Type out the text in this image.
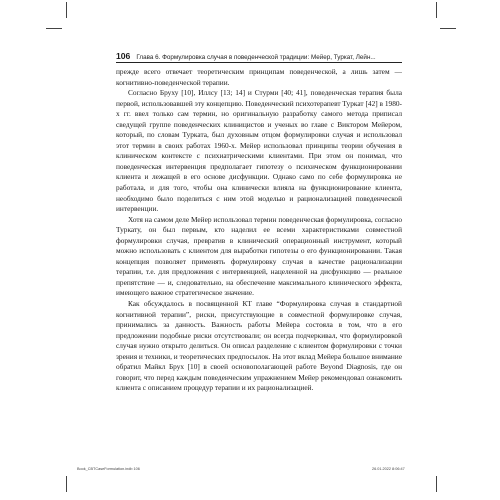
106 Глава 6. Формулировка случая в поведенческой традиции: Мейер, Туркат, Лейн...

прежде всего отвечает теоретическим принципам поведенческой, а лишь затем — когнитивно-поведенческой терапии.

Согласно Бруху [10], Иллсу [13; 14] и Стурми [40; 41], поведенческая терапия была первой, использовавшей эту концепцию. Поведенческий психотерапевт Туркат [42] в 1980-х гг. ввел только сам термин, но оригинальную разработку самого метода приписал сведущей группе поведенческих клиницистов и ученых во главе с Виктором Мейером, который, по словам Турката, был духовным отцом формулировки случая и использовал этот термин в своих работах 1960-х. Мейер использовал принципы теории обучения в клиническом контексте с психиатрическими клиентами. При этом он понимал, что поведенческая интервенция предполагает гипотезу о психическом функционировании клиента и лежащей в его основе дисфункции. Однако само по себе формулировка не работала, и для того, чтобы она клинически влияла на функционирование клиента, необходимо было поделиться с ним этой моделью и рационализацией поведенческой интервенции.

Хотя на самом деле Мейер использовал термин поведенческая формулировка, согласно Туркату, он был первым, кто наделил ее всеми характеристиками совместной формулировки случая, превратив в клинический операционный инструмент, который можно использовать с клиентом для выработки гипотезы о его функционировании. Такая концепция позволяет применять формулировку случая в качестве рационализации терапии, т.е. для предложения с интервенцией, нацеленной на дисфункцию — реальное препятствие — и, следовательно, на обеспечение максимального клинического эффекта, имеющего важное стратегическое значение.

Как обсуждалось в посвященной КТ главе “Формулировка случая в стандартной когнитивной терапии”, риски, присутствующие в совместной формулировке случая, принимались за данность. Важность работы Мейера состояла в том, что в его предложении подобные риски отсутствовали; он всегда подчеркивал, что формулировкой случая нужно открыто делиться. Он описал разделение с клиентом формулировки с точки зрения и техники, и теоретических предпосылок. На этот вклад Мейера большое внимание обратил Майкл Брух [10] в своей основополагающей работе Beyond Diagnosis, где он говорит, что перед каждым поведенческим упражнением Мейер рекомендовал ознакомить клиента с описанием процедур терапии и их рационализацией.

Book_CBTCaseFormulation.indb 106	26.01.2022 8:06:47
